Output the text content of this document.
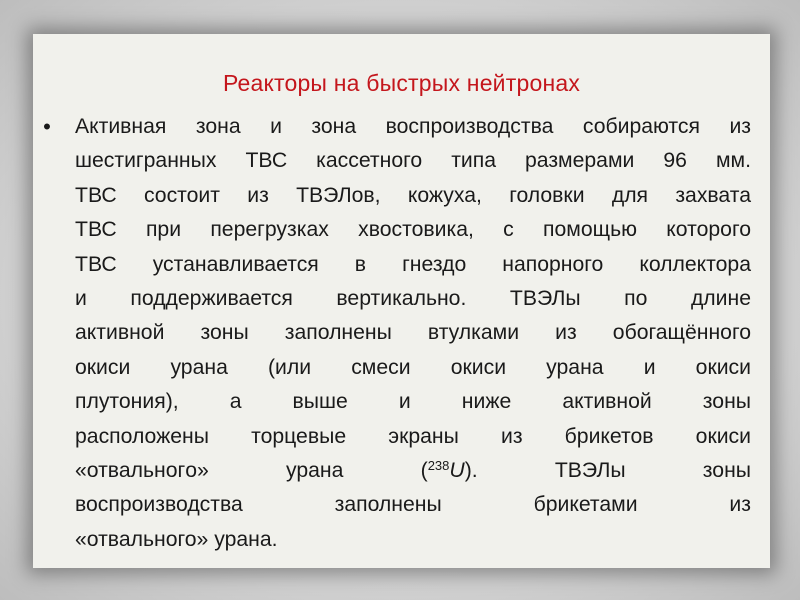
Реакторы на быстрых нейтронах
• Активная зона и зона воспроизводства собираются из
шестигранных ТВС кассетного типа размерами 96 мм.
ТВС состоит из ТВЭЛов, кожуха, головки для захвата
ТВС при перегрузках хвостовика, с помощью которого
ТВС устанавливается в гнездо напорного коллектора
и поддерживается вертикально. ТВЭЛы по длине
активной зоны заполнены втулками из обогащённого
окиси урана (или смеси окиси урана и окиси
плутония), а выше и ниже активной зоны
расположены торцевые экраны из брикетов окиси
«отвальногo» урана ($^{238}$U). ТВЭЛы зоны
воспроизводства заполнены брикетами из
«отвального» урана.
